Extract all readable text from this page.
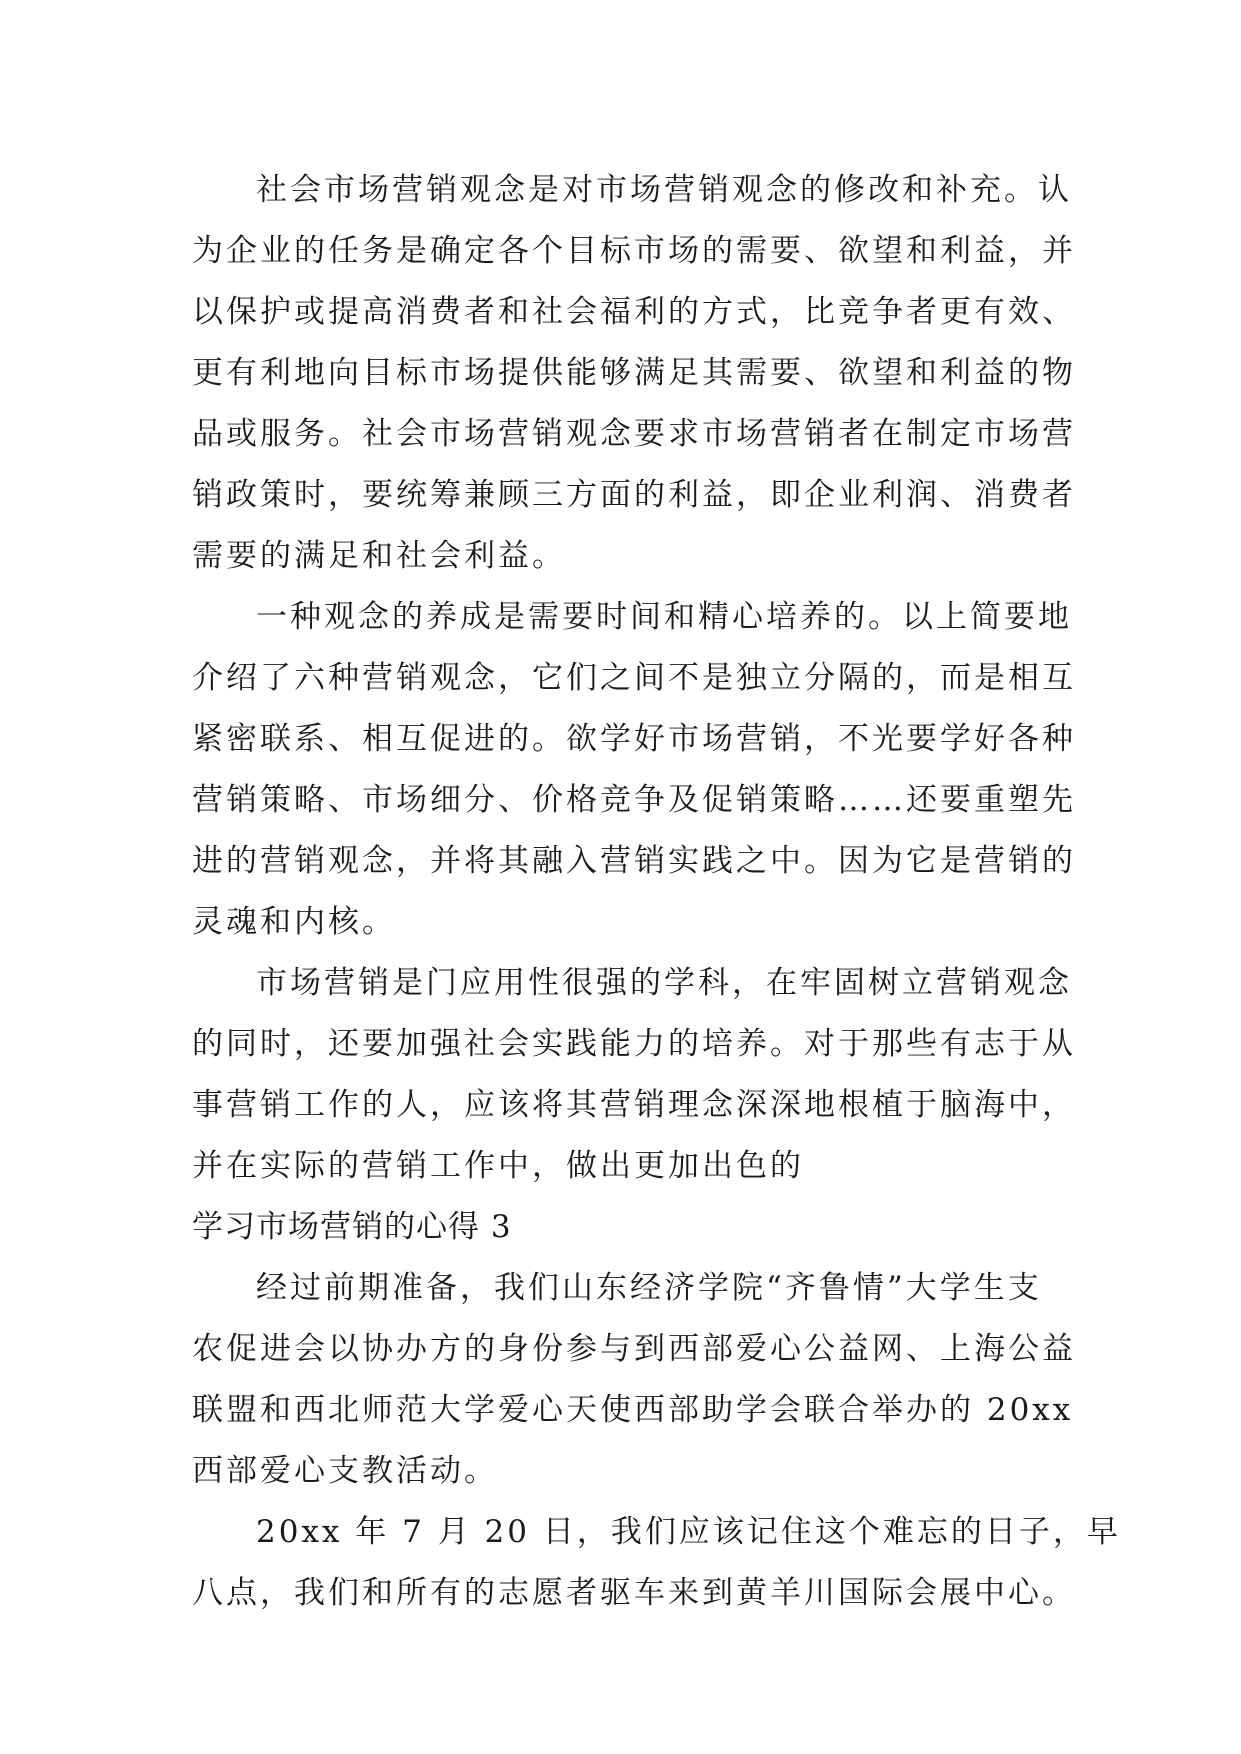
社会市场营销观念是对市场营销观念的修改和补充。认
为企业的任务是确定各个目标市场的需要、欲望和利益，并
以保护或提高消费者和社会福利的方式，比竞争者更有效、
更有利地向目标市场提供能够满足其需要、欲望和利益的物
品或服务。社会市场营销观念要求市场营销者在制定市场营
销政策时，要统筹兼顾三方面的利益，即企业利润、消费者
需要的满足和社会利益。
一种观念的养成是需要时间和精心培养的。以上简要地
介绍了六种营销观念，它们之间不是独立分隔的，而是相互
紧密联系、相互促进的。欲学好市场营销，不光要学好各种
营销策略、市场细分、价格竞争及促销策略……还要重塑先
进的营销观念，并将其融入营销实践之中。因为它是营销的
灵魂和内核。
市场营销是门应用性很强的学科，在牢固树立营销观念
的同时，还要加强社会实践能力的培养。对于那些有志于从
事营销工作的人，应该将其营销理念深深地根植于脑海中，
并在实际的营销工作中，做出更加出色的
学习市场营销的心得 3
经过前期准备，我们山东经济学院“齐鲁情”大学生支
农促进会以协办方的身份参与到西部爱心公益网、上海公益
联盟和西北师范大学爱心天使西部助学会联合举办的 20xx
西部爱心支教活动。
20xx 年 7 月 20 日，我们应该记住这个难忘的日子，早
八点，我们和所有的志愿者驱车来到黄羊川国际会展中心。
